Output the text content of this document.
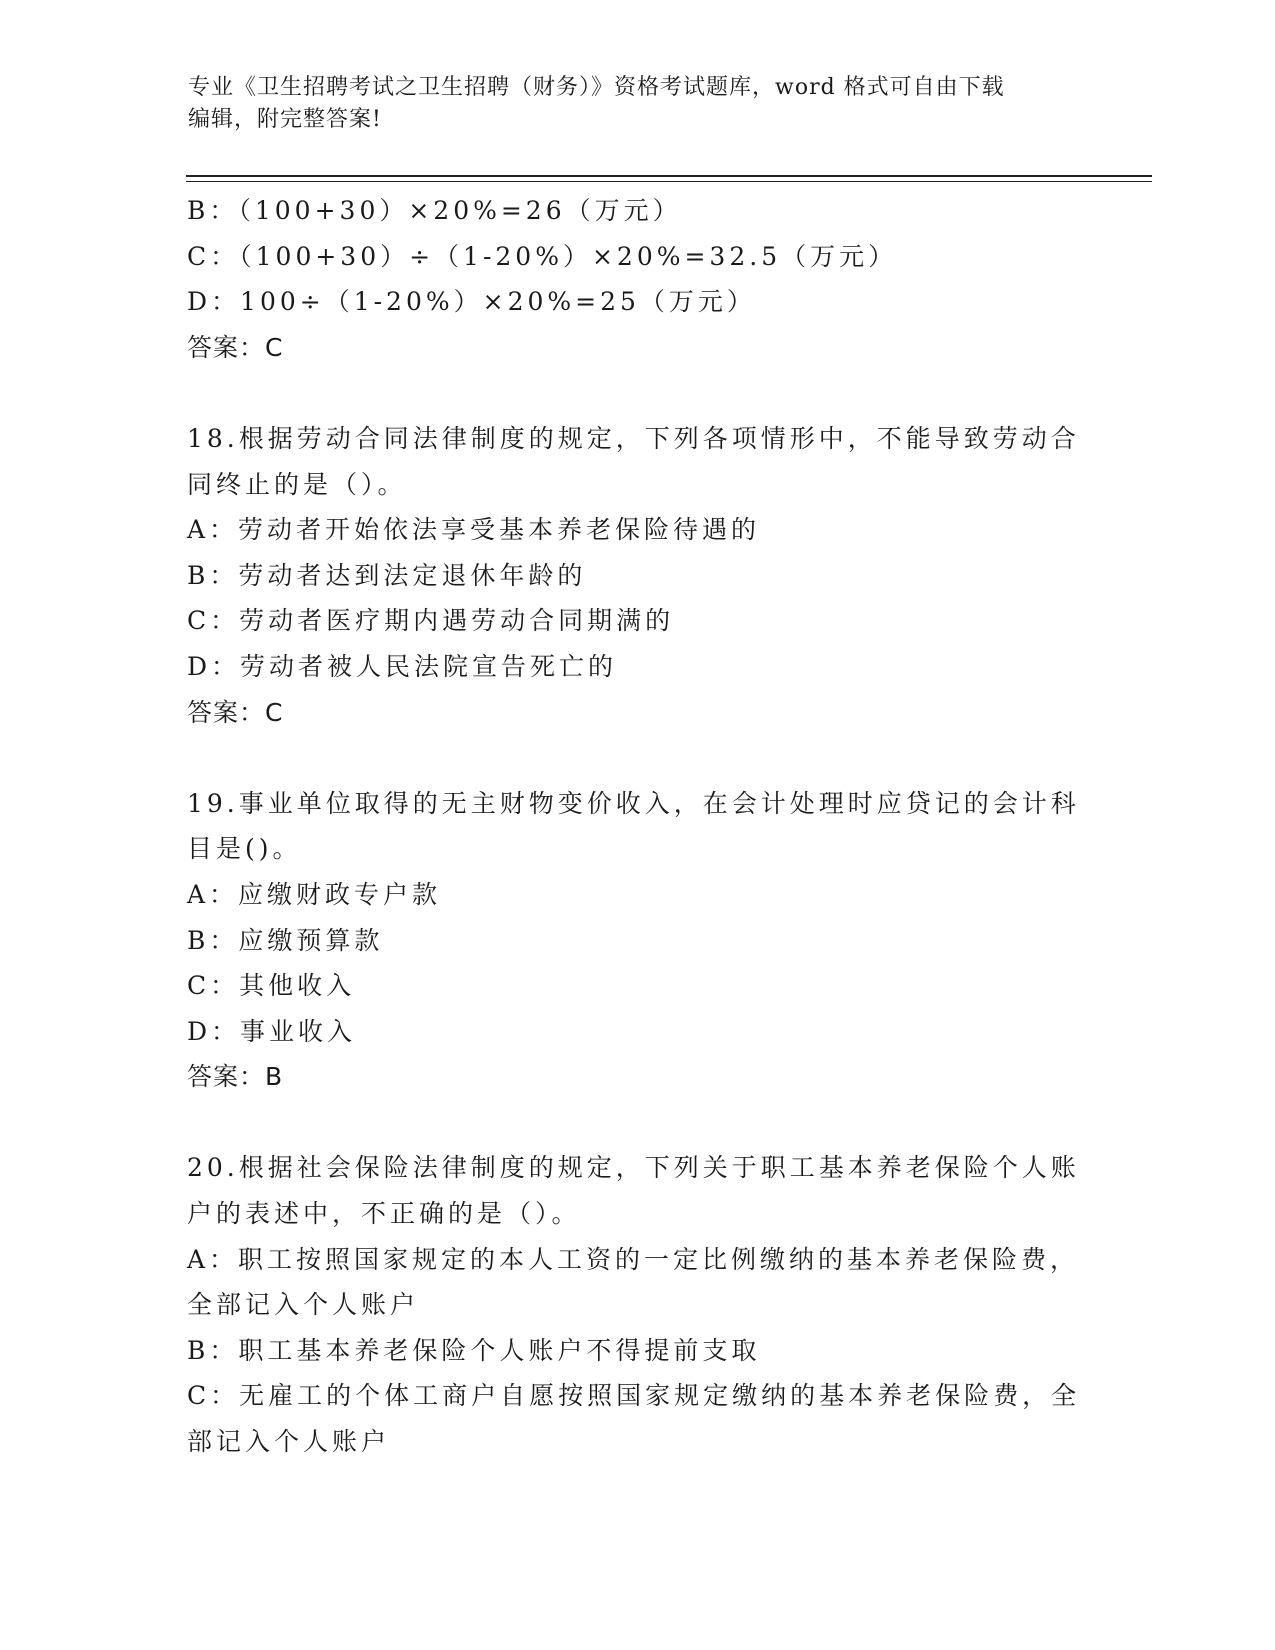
专业《卫生招聘考试之卫生招聘（财务）》资格考试题库，word 格式可自由下载
编辑，附完整答案!
B：（100+30）×20%=26（万元）
C：（100+30）÷（1-20%）×20%=32.5（万元）
D：100÷（1-20%）×20%=25（万元）
答案：C
18.根据劳动合同法律制度的规定，下列各项情形中，不能导致劳动合
同终止的是（）。
A：劳动者开始依法享受基本养老保险待遇的
B：劳动者达到法定退休年龄的
C：劳动者医疗期内遇劳动合同期满的
D：劳动者被人民法院宣告死亡的
答案：C
19.事业单位取得的无主财物变价收入，在会计处理时应贷记的会计科
目是()。
A：应缴财政专户款
B：应缴预算款
C：其他收入
D：事业收入
答案：B
20.根据社会保险法律制度的规定，下列关于职工基本养老保险个人账
户的表述中，不正确的是（）。
A：职工按照国家规定的本人工资的一定比例缴纳的基本养老保险费，
全部记入个人账户
B：职工基本养老保险个人账户不得提前支取
C：无雇工的个体工商户自愿按照国家规定缴纳的基本养老保险费，全
部记入个人账户
